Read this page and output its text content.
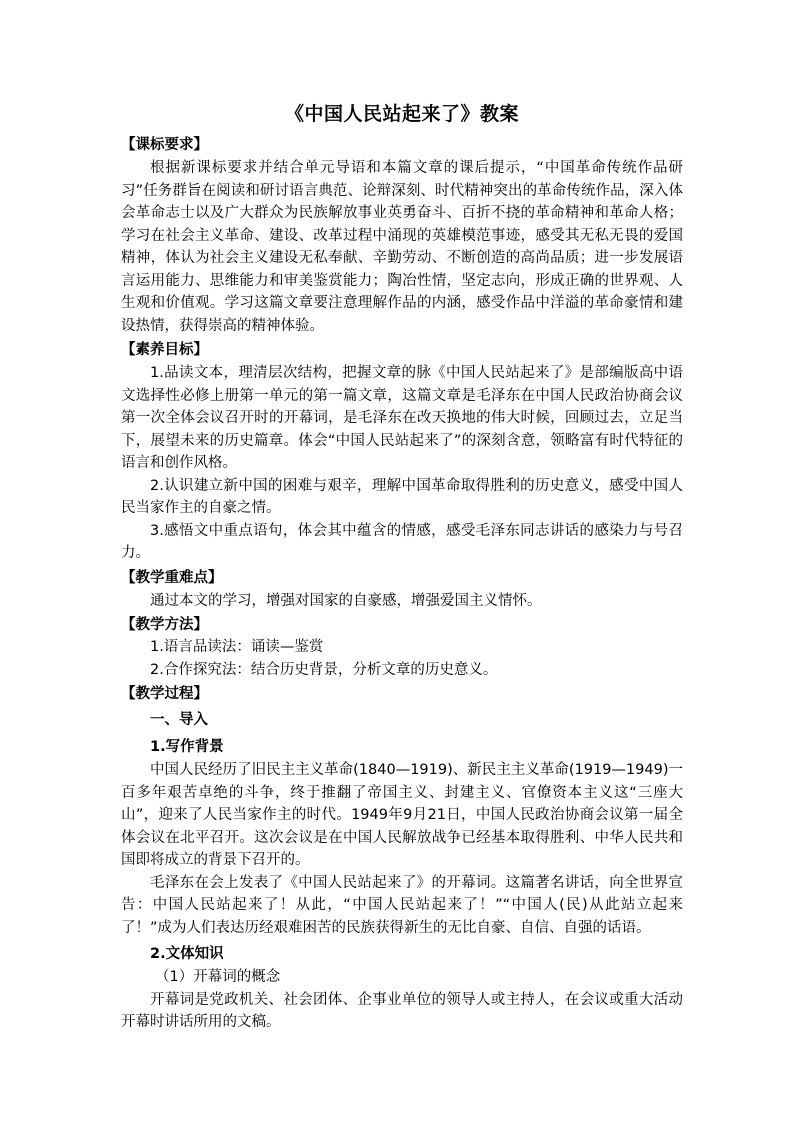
《中国人民站起来了》教案
【课标要求】

根据新课标要求并结合单元导语和本篇文章的课后提示，“中国革命传统作品研习”任务群旨在阅读和研讨语言典范、论辩深刻、时代精神突出的革命传统作品，深入体会革命志士以及广大群众为民族解放事业英勇奋斗、百折不挠的革命精神和革命人格；学习在社会主义革命、建设、改革过程中涌现的英雄模范事迹，感受其无私无畏的爱国精神，体认为社会主义建设无私奉献、辛勤劳动、不断创造的高尚品质；进一步发展语言运用能力、思维能力和审美鉴赏能力；陶冶性情，坚定志向，形成正确的世界观、人生观和价值观。学习这篇文章要注意理解作品的内涵，感受作品中洋溢的革命豪情和建设热情，获得崇高的精神体验。

【素养目标】

1.品读文本，理清层次结构，把握文章的脉《中国人民站起来了》是部编版高中语文选择性必修上册第一单元的第一篇文章，这篇文章是毛泽东在中国人民政治协商会议第一次全体会议召开时的开幕词，是毛泽东在改天换地的伟大时候，回顾过去，立足当下，展望未来的历史篇章。体会“中国人民站起来了”的深刻含意，领略富有时代特征的语言和创作风格。

2.认识建立新中国的困难与艰辛，理解中国革命取得胜利的历史意义，感受中国人民当家作主的自豪之情。

3.感悟文中重点语句，体会其中蕴含的情感，感受毛泽东同志讲话的感染力与号召力。

【教学重难点】

通过本文的学习，增强对国家的自豪感，增强爱国主义情怀。

【教学方法】

1.语言品读法：诵读—鉴赏

2.合作探究法：结合历史背景，分析文章的历史意义。

【教学过程】
一、导入
1.写作背景

中国人民经历了旧民主主义革命(1840—1919)、新民主主义革命(1919—1949)一百多年艰苦卓绝的斗争，终于推翻了帝国主义、封建主义、官僚资本主义这“三座大山”，迎来了人民当家作主的时代。1949年9月21日，中国人民政治协商会议第一届全体会议在北平召开。这次会议是在中国人民解放战争已经基本取得胜利、中华人民共和国即将成立的背景下召开的。

毛泽东在会上发表了《中国人民站起来了》的开幕词。这篇著名讲话，向全世界宣告：中国人民站起来了！从此，“中国人民站起来了！”“中国人(民)从此站立起来了！”成为人们表达历经艰难困苦的民族获得新生的无比自豪、自信、自强的话语。

2.文体知识

（1）开幕词的概念

开幕词是党政机关、社会团体、企事业单位的领导人或主持人，在会议或重大活动开幕时讲话所用的文稿。
